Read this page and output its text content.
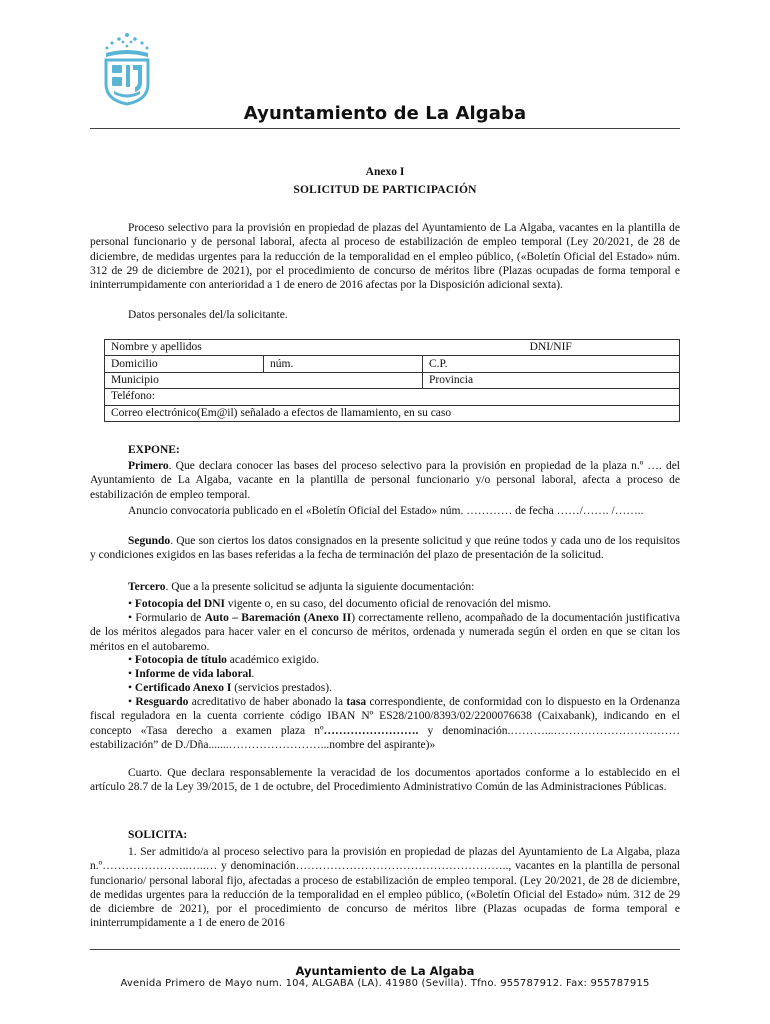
Ayuntamiento de La Algaba
Anexo I
SOLICITUD DE PARTICIPACIÓN
Proceso selectivo para la provisión en propiedad de plazas del Ayuntamiento de La Algaba, vacantes en la plantilla de personal funcionario y de personal laboral, afecta al proceso de estabilización de empleo temporal (Ley 20/2021, de 28 de diciembre, de medidas urgentes para la reducción de la temporalidad en el empleo público, («Boletín Oficial del Estado» núm. 312 de 29 de diciembre de 2021), por el procedimiento de concurso de méritos libre (Plazas ocupadas de forma temporal e ininterrumpidamente con anterioridad a 1 de enero de 2016 afectas por la Disposición adicional sexta).
Datos personales del/la solicitante.
Nombre y apellidos		DNI/NIF
Domicilio	núm.	C.P.
Municipio		Provincia
Teléfono:		
Correo electrónico(Em@il) señalado a efectos de llamamiento, en su caso		
EXPONE:
Primero. Que declara conocer las bases del proceso selectivo para la provisión en propiedad de la plaza n.º …. del Ayuntamiento de La Algaba, vacante en la plantilla de personal funcionario y/o personal laboral, afecta a proceso de estabilización de empleo temporal.
Anuncio convocatoria publicado en el «Boletín Oficial del Estado» núm. ………… de fecha ……/……. /……..
Segundo. Que son ciertos los datos consignados en la presente solicitud y que reúne todos y cada uno de los requisitos y condiciones exigidos en las bases referidas a la fecha de terminación del plazo de presentación de la solicitud.
Tercero. Que a la presente solicitud se adjunta la siguiente documentación:
• Fotocopia del DNI vigente o, en su caso, del documento oficial de renovación del mismo.
• Formulario de Auto – Baremación (Anexo II) correctamente relleno, acompañado de la documentación justificativa de los méritos alegados para hacer valer en el concurso de méritos, ordenada y numerada según el orden en que se citan los méritos en el autobaremo.
• Fotocopia de título académico exigido.
• Informe de vida laboral.
• Certificado Anexo I (servicios prestados).
• Resguardo acreditativo de haber abonado la tasa correspondiente, de conformidad con lo dispuesto en la Ordenanza fiscal reguladora en la cuenta corriente código IBAN Nº ES28/2100/8393/02/2200076638 (Caixabank), indicando en el concepto «Tasa derecho a examen plaza nº……………………. y denominación.………...……………………………estabilización” de D./Dña.......……………………...nombre del aspirante)»
Cuarto. Que declara responsablemente la veracidad de los documentos aportados conforme a lo establecido en el artículo 28.7 de la Ley 39/2015, de 1 de octubre, del Procedimiento Administrativo Común de las Administraciones Públicas.
SOLICITA:
1. Ser admitido/a al proceso selectivo para la provisión en propiedad de plazas del Ayuntamiento de La Algaba, plaza n.º…………………..…..… y denominación……………………………………………….., vacantes en la plantilla de personal funcionario/ personal laboral fijo, afectadas a proceso de estabilización de empleo temporal. (Ley 20/2021, de 28 de diciembre, de medidas urgentes para la reducción de la temporalidad en el empleo público, («Boletín Oficial del Estado» núm. 312 de 29 de diciembre de 2021), por el procedimiento de concurso de méritos libre (Plazas ocupadas de forma temporal e ininterrumpidamente a 1 de enero de 2016
Ayuntamiento de La Algaba
Avenida Primero de Mayo num. 104, ALGABA (LA). 41980 (Sevilla). Tfno. 955787912. Fax: 955787915
